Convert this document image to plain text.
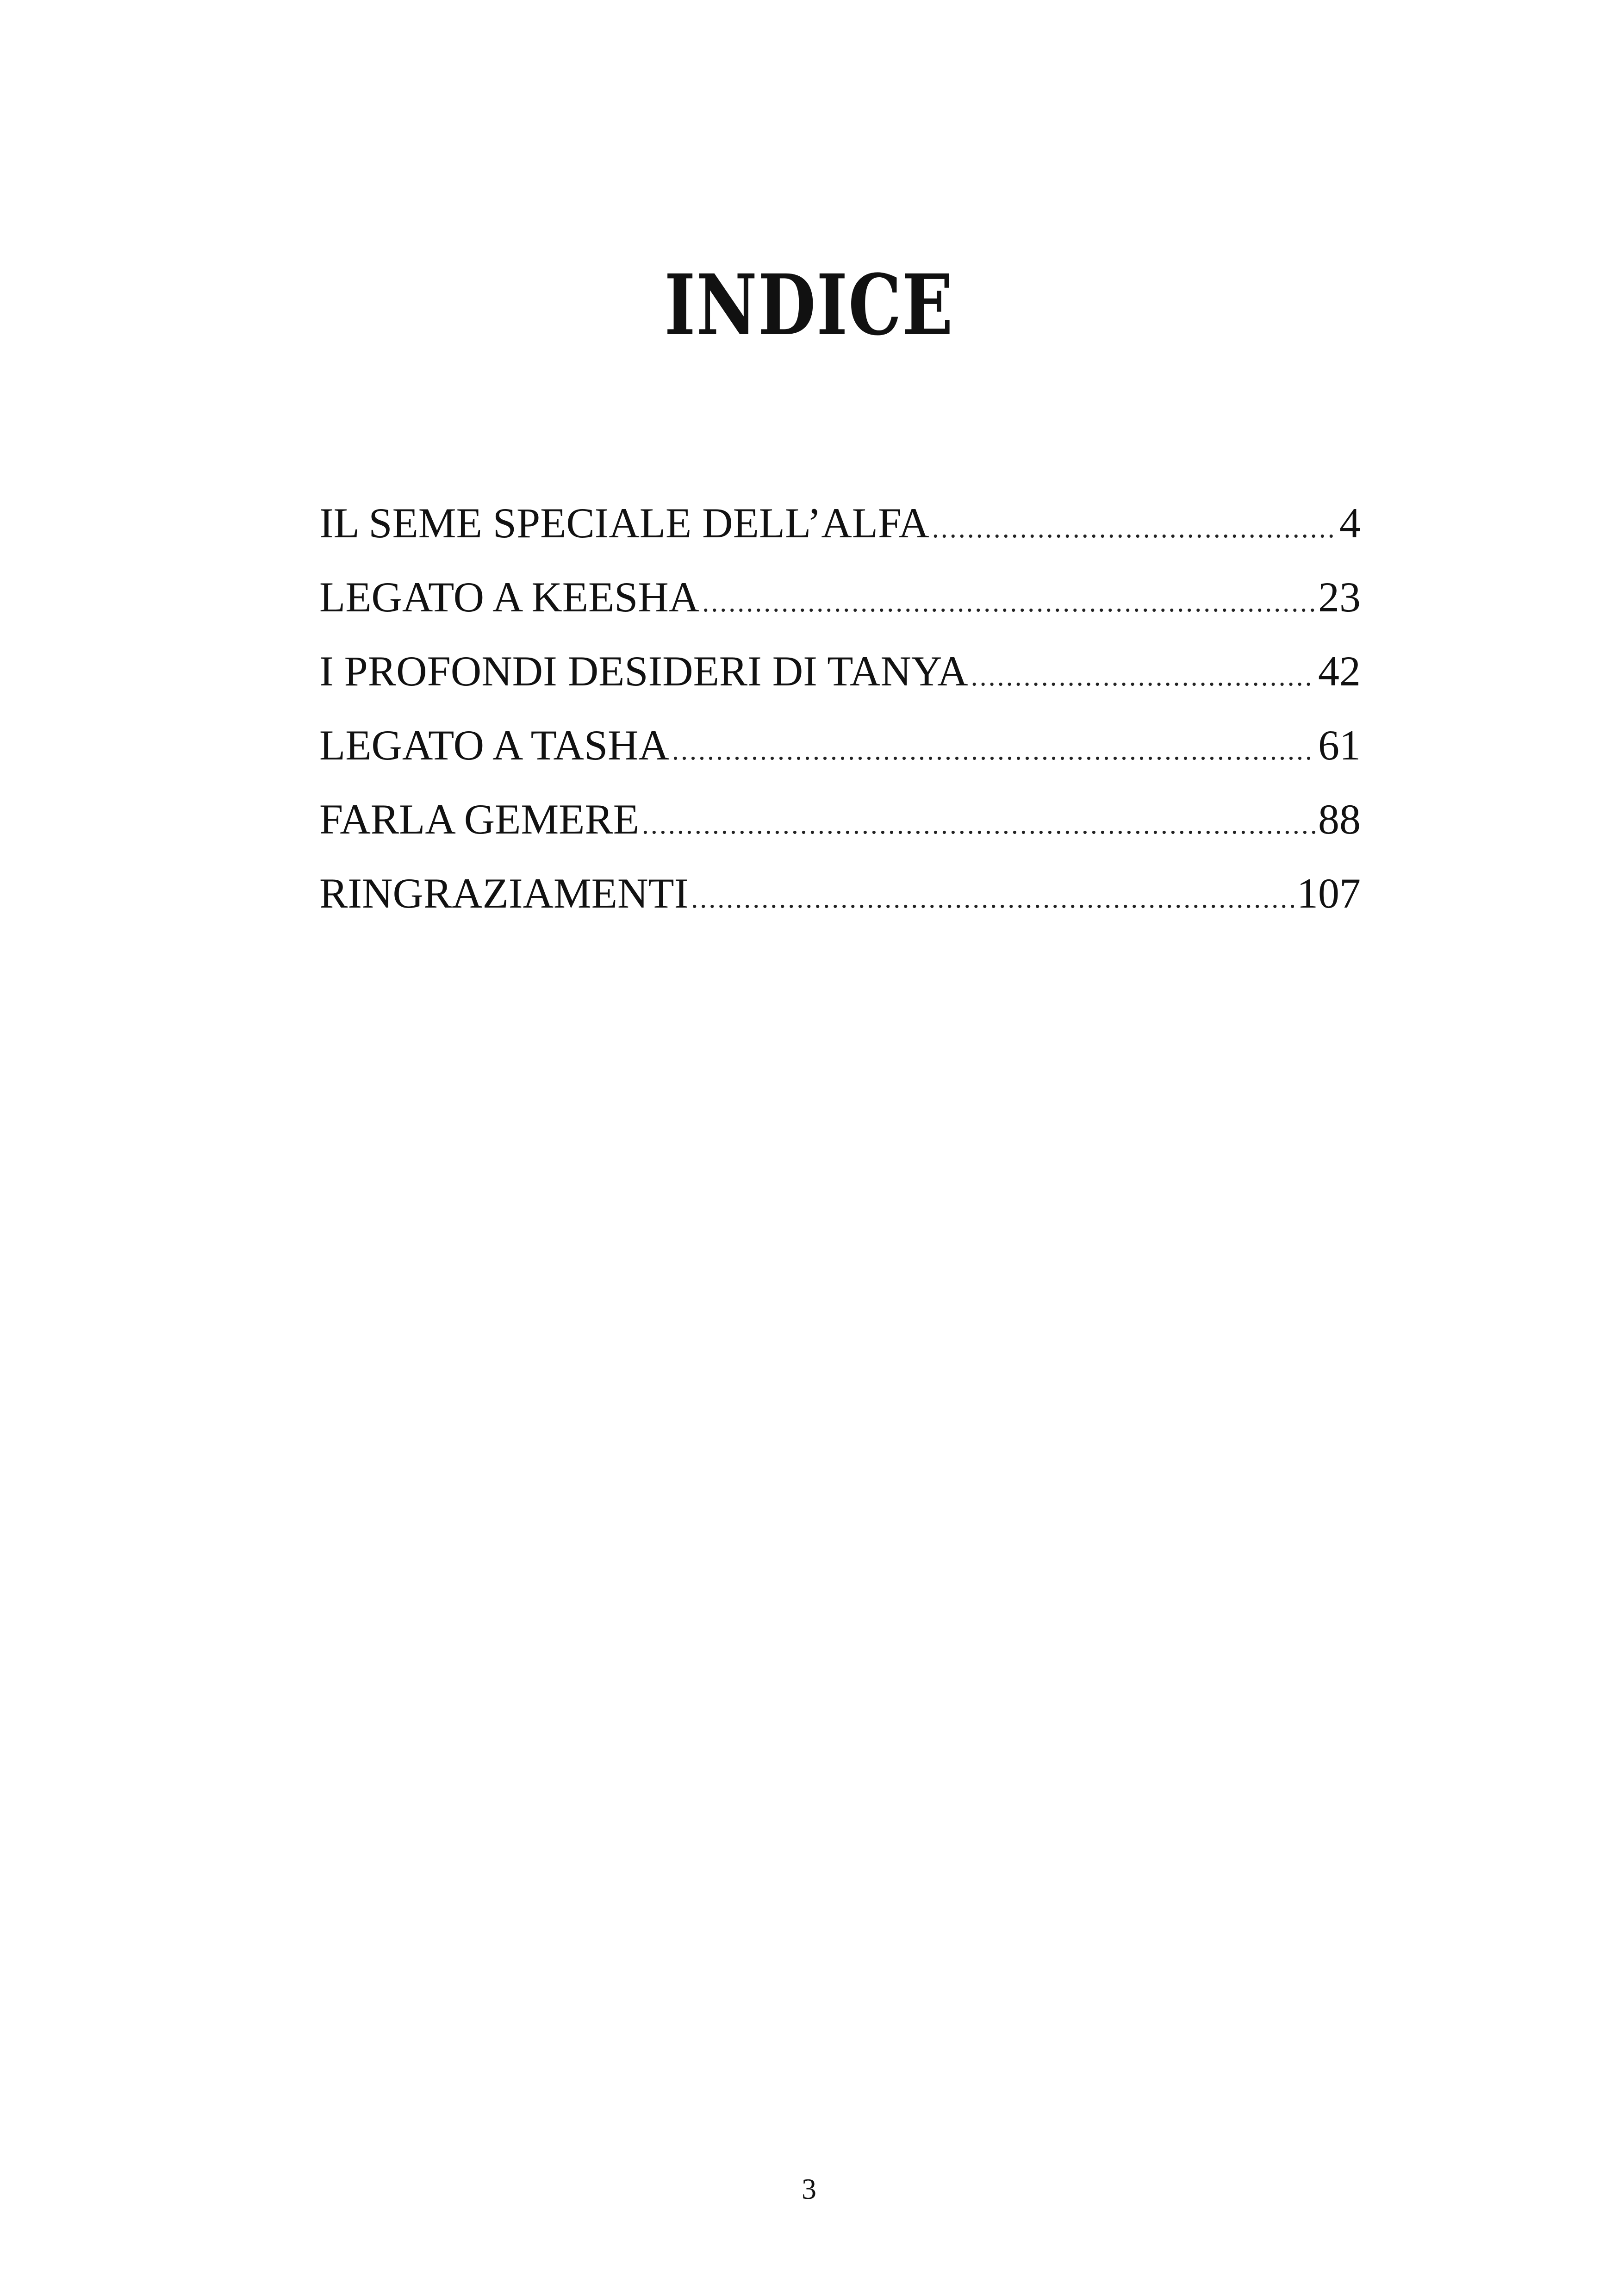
INDICE
IL SEME SPECIALE DELL’ALFA .....	4
LEGATO A KEESHA .....	23
I PROFONDI DESIDERI DI TANYA .....	42
LEGATO A TASHA .....	61
FARLA GEMERE .....	88
RINGRAZIAMENTI .....	107
3
